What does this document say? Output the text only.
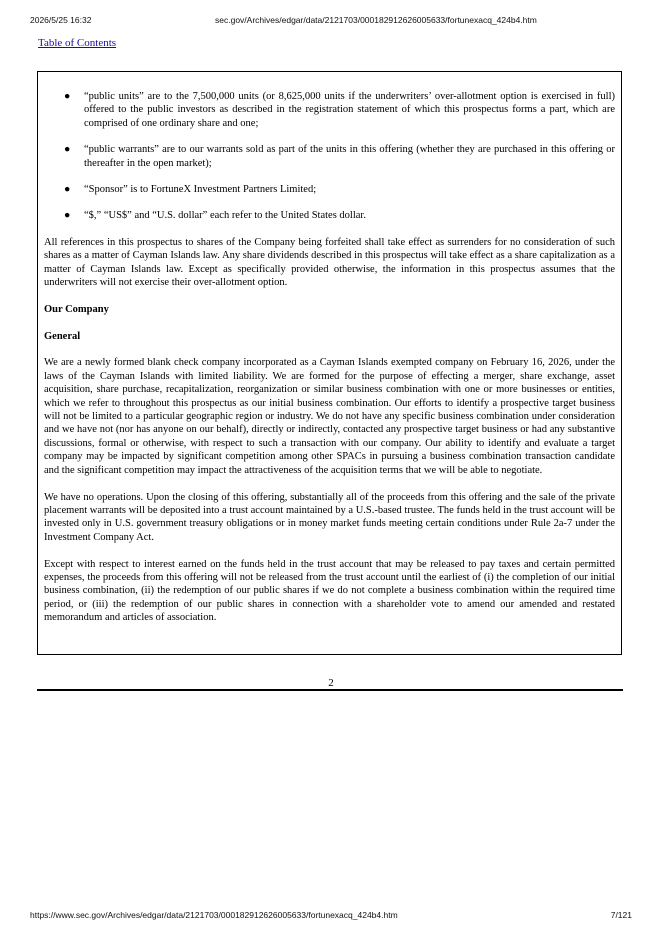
2026/5/25 16:32	sec.gov/Archives/edgar/data/2121703/000182912626005633/fortunexacq_424b4.htm
Table of Contents
● “public units” are to the 7,500,000 units (or 8,625,000 units if the underwriters’ over-allotment option is exercised in full) offered to the public investors as described in the registration statement of which this prospectus forms a part, which are comprised of one ordinary share and one;
● “public warrants” are to our warrants sold as part of the units in this offering (whether they are purchased in this offering or thereafter in the open market);
● “Sponsor” is to FortuneX Investment Partners Limited;
● “$,” “US$” and “U.S. dollar” each refer to the United States dollar.

All references in this prospectus to shares of the Company being forfeited shall take effect as surrenders for no consideration of such shares as a matter of Cayman Islands law. Any share dividends described in this prospectus will take effect as a share capitalization as a matter of Cayman Islands law. Except as specifically provided otherwise, the information in this prospectus assumes that the underwriters will not exercise their over-allotment option.

Our Company

General

We are a newly formed blank check company incorporated as a Cayman Islands exempted company on February 16, 2026, under the laws of the Cayman Islands with limited liability. We are formed for the purpose of effecting a merger, share exchange, asset acquisition, share purchase, recapitalization, reorganization or similar business combination with one or more businesses or entities, which we refer to throughout this prospectus as our initial business combination. Our efforts to identify a prospective target business will not be limited to a particular geographic region or industry. We do not have any specific business combination under consideration and we have not (nor has anyone on our behalf), directly or indirectly, contacted any prospective target business or had any substantive discussions, formal or otherwise, with respect to such a transaction with our company. Our ability to identify and evaluate a target company may be impacted by significant competition among other SPACs in pursuing a business combination transaction candidate and the significant competition may impact the attractiveness of the acquisition terms that we will be able to negotiate.

We have no operations. Upon the closing of this offering, substantially all of the proceeds from this offering and the sale of the private placement warrants will be deposited into a trust account maintained by a U.S.-based trustee. The funds held in the trust account will be invested only in U.S. government treasury obligations or in money market funds meeting certain conditions under Rule 2a-7 under the Investment Company Act.

Except with respect to interest earned on the funds held in the trust account that may be released to pay taxes and certain permitted expenses, the proceeds from this offering will not be released from the trust account until the earliest of (i) the completion of our initial business combination, (ii) the redemption of our public shares if we do not complete a business combination within the required time period, or (iii) the redemption of our public shares in connection with a shareholder vote to amend our amended and restated memorandum and articles of association.

2
https://www.sec.gov/Archives/edgar/data/2121703/000182912626005633/fortunexacq_424b4.htm	7/121
